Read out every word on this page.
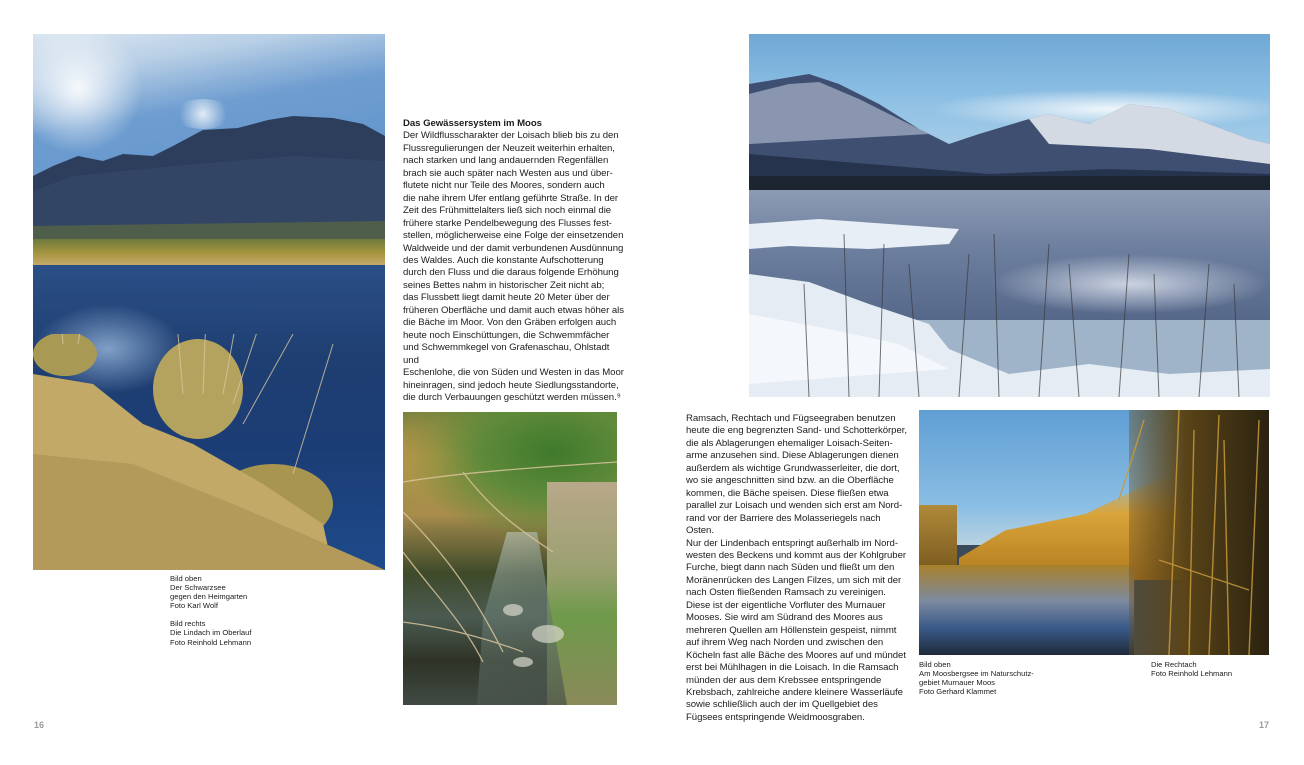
Das Gewässersystem im Moos

Der Wildflusscharakter der Loisach blieb bis zu den

Flussregulierungen der Neuzeit weiterhin erhalten,

nach starken und lang andauernden Regenfällen

brach sie auch später nach Westen aus und über-

flutete nicht nur Teile des Moores, sondern auch

die nahe ihrem Ufer entlang geführte Straße. In der

Zeit des Frühmittelalters ließ sich noch einmal die

frühere starke Pendelbewegung des Flusses fest-

stellen, möglicherweise eine Folge der einsetzenden

Waldweide und der damit verbundenen Ausdünnung

des Waldes. Auch die konstante Aufschotterung

durch den Fluss und die daraus folgende Erhöhung

seines Bettes nahm in historischer Zeit nicht ab;

das Flussbett liegt damit heute 20 Meter über der

früheren Oberfläche und damit auch etwas höher als

die Bäche im Moor. Von den Gräben erfolgen auch

heute noch Einschüttungen, die Schwemmfächer

und Schwemmkegel von Grafenaschau, Ohlstadt und

Eschenlohe, die von Süden und Westen in das Moor

hineinragen, sind jedoch heute Siedlungsstandorte,

die durch Verbauungen geschützt werden müssen.⁹

Bild oben
Der Schwarzsee
gegen den Heimgarten
Foto Karl Wolf
Bild rechts
Die Lindach im Oberlauf
Foto Reinhold Lehmann
16

Ramsach, Rechtach und Fügseegraben benutzen

heute die eng begrenzten Sand- und Schotterkörper,

die als Ablagerungen ehemaliger Loisach-Seiten-

arme anzusehen sind. Diese Ablagerungen dienen

außerdem als wichtige Grundwasserleiter, die dort,

wo sie angeschnitten sind bzw. an die Oberfläche

kommen, die Bäche speisen. Diese fließen etwa

parallel zur Loisach und wenden sich erst am Nord-

rand vor der Barriere des Molasseriegels nach Osten.

Nur der Lindenbach entspringt außerhalb im Nord-

westen des Beckens und kommt aus der Kohlgruber

Furche, biegt dann nach Süden und fließt um den

Moränenrücken des Langen Filzes, um sich mit der

nach Osten fließenden Ramsach zu vereinigen.

Diese ist der eigentliche Vorfluter des Murnauer

Mooses. Sie wird am Südrand des Moores aus

mehreren Quellen am Höllenstein gespeist, nimmt

auf ihrem Weg nach Norden und zwischen den

Köcheln fast alle Bäche des Moores auf und mündet

erst bei Mühlhagen in die Loisach. In die Ramsach

münden der aus dem Krebssee entspringende

Krebsbach, zahlreiche andere kleinere Wasserläufe

sowie schließlich auch der im Quellgebiet des

Fügsees entspringende Weidmoosgraben.

Bild oben
Am Moosbergsee im Naturschutz-
gebiet Murnauer Moos
Foto Gerhard Klammet
Die Rechtach
Foto Reinhold Lehmann
17
